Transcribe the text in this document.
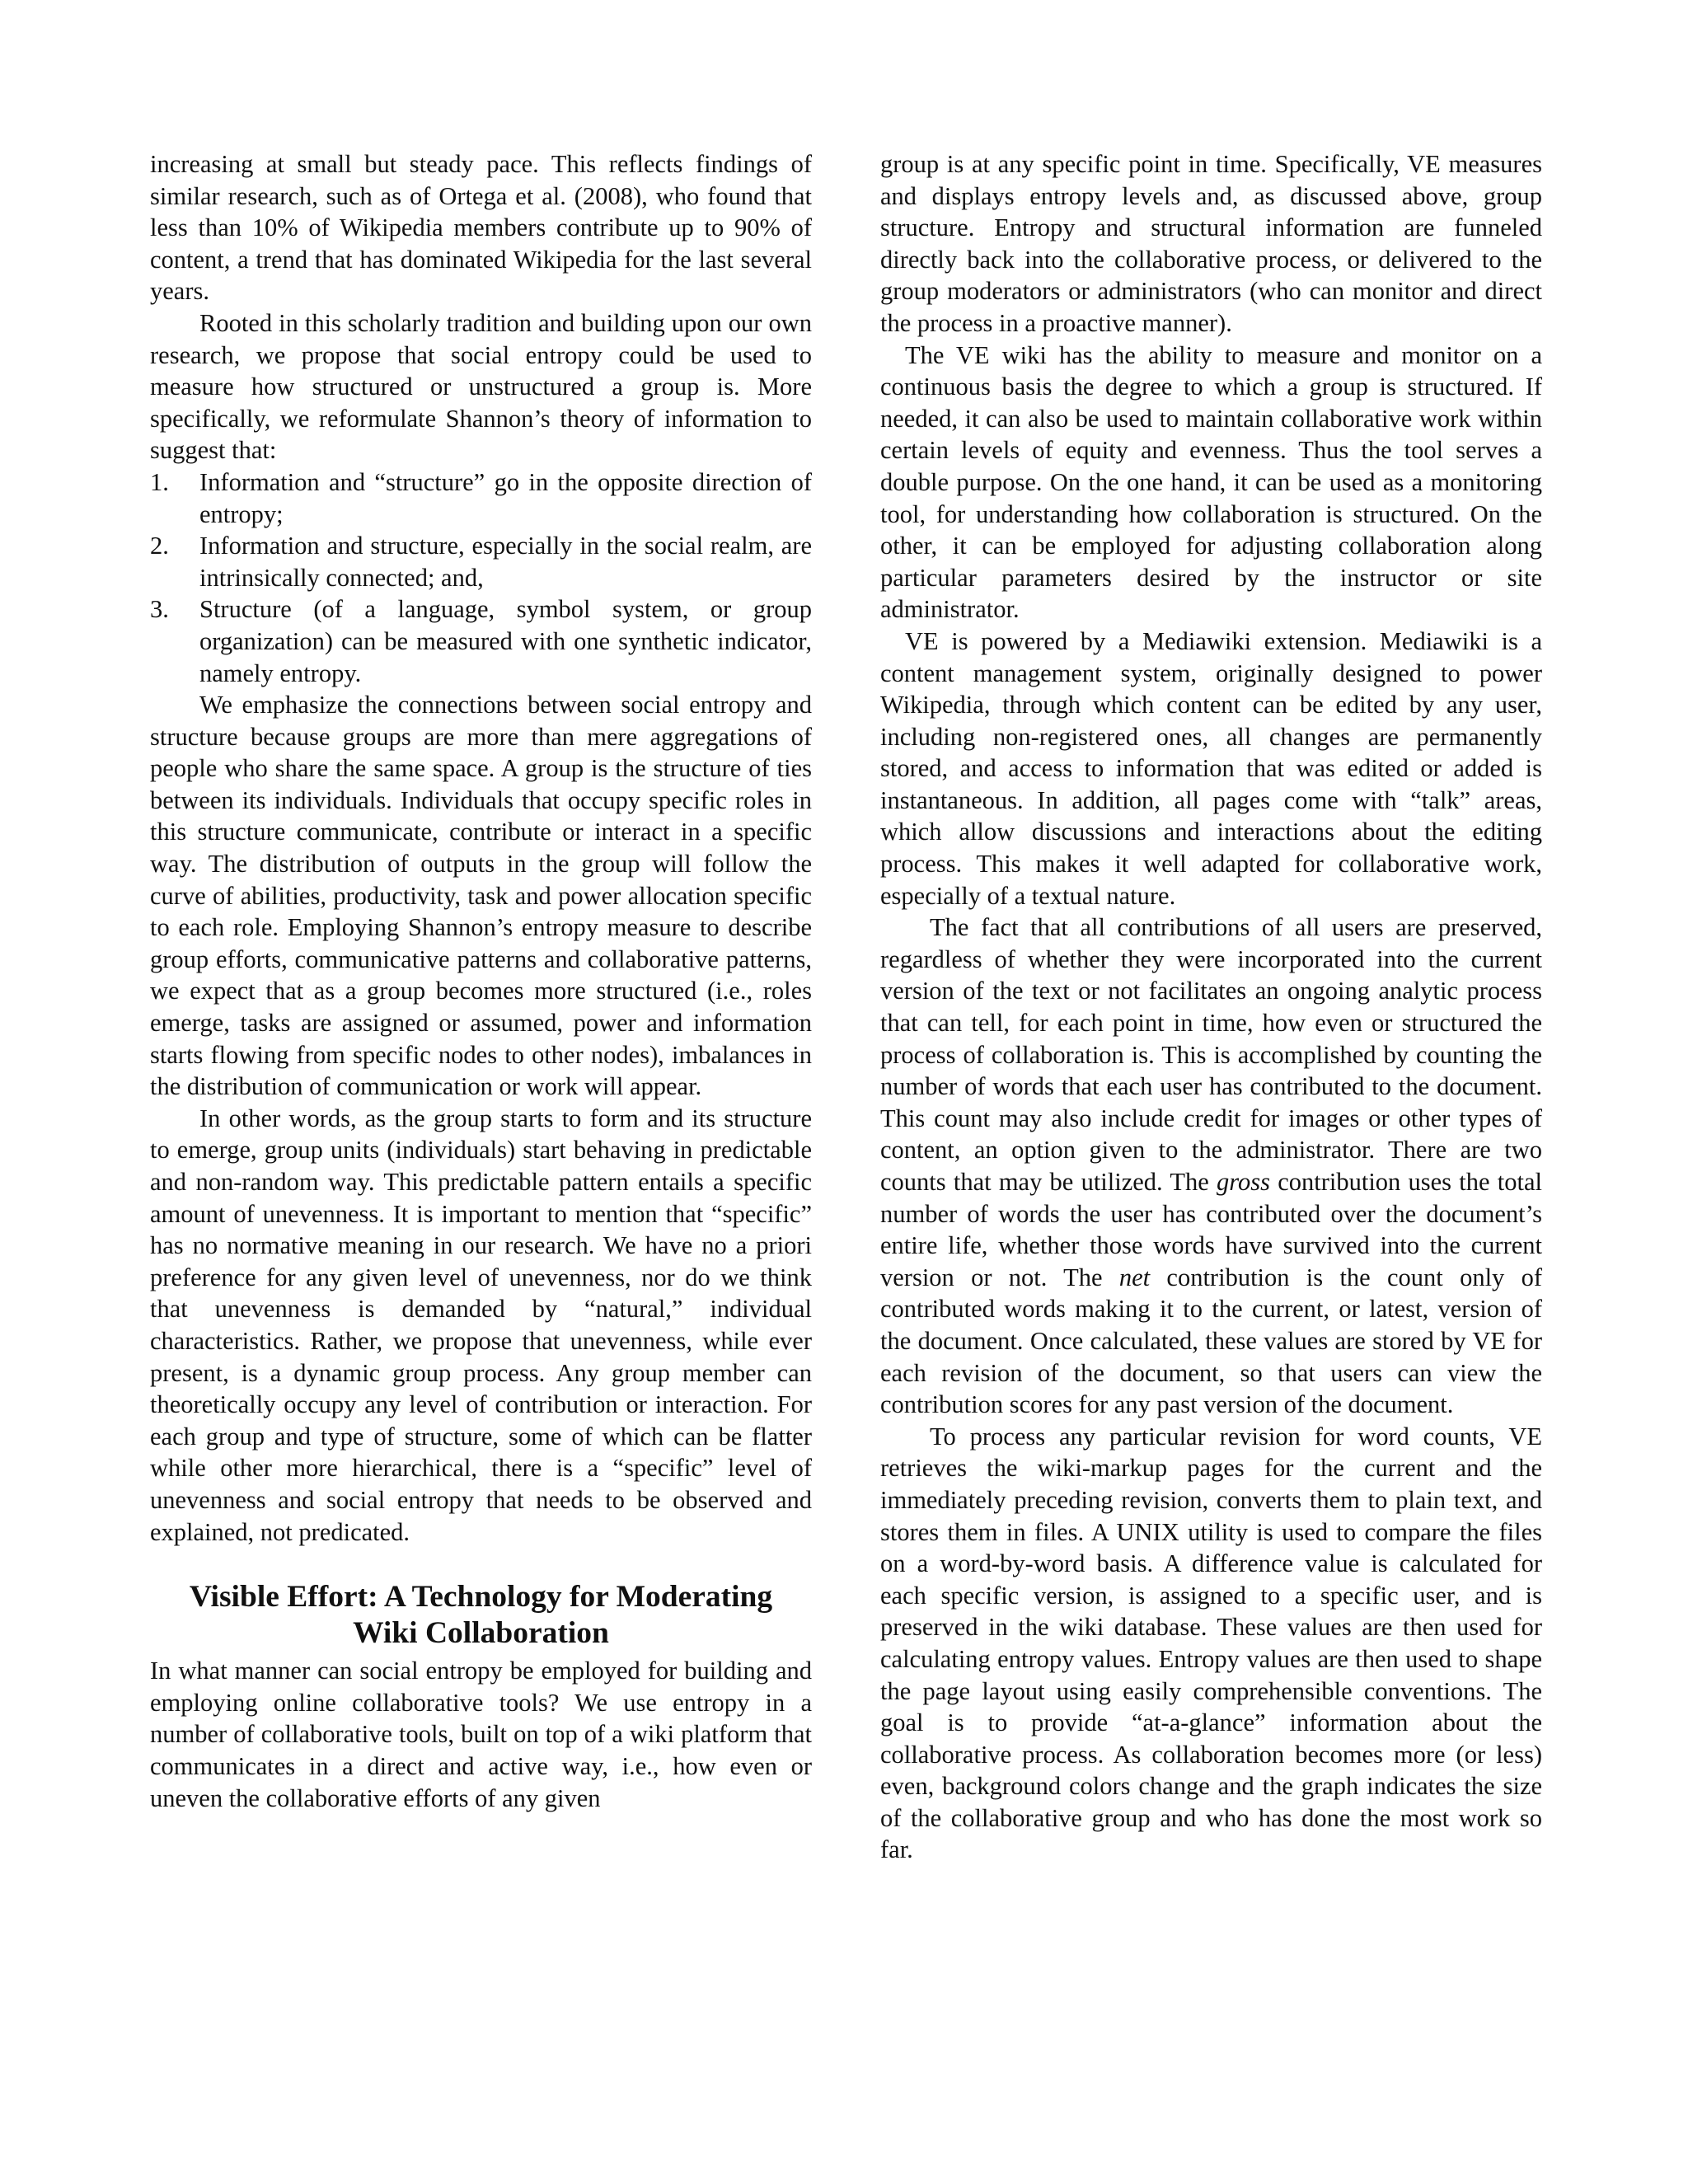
increasing at small but steady pace. This reflects findings of similar research, such as of Ortega et al. (2008), who found that less than 10% of Wikipedia members contribute up to 90% of content, a trend that has dominated Wikipedia for the last several years.

Rooted in this scholarly tradition and building upon our own research, we propose that social entropy could be used to measure how structured or unstructured a group is. More specifically, we reformulate Shannon’s theory of information to suggest that:

1. Information and “structure” go in the opposite direction of entropy;
2. Information and structure, especially in the social realm, are intrinsically connected; and,
3. Structure (of a language, symbol system, or group organization) can be measured with one synthetic indicator, namely entropy.

We emphasize the connections between social entropy and structure because groups are more than mere aggregations of people who share the same space. A group is the structure of ties between its individuals. Individuals that occupy specific roles in this structure communicate, contribute or interact in a specific way. The distribution of outputs in the group will follow the curve of abilities, productivity, task and power allocation specific to each role. Employing Shannon’s entropy measure to describe group efforts, communicative patterns and collaborative patterns, we expect that as a group becomes more structured (i.e., roles emerge, tasks are assigned or assumed, power and information starts flowing from specific nodes to other nodes), imbalances in the distribution of communication or work will appear.

In other words, as the group starts to form and its structure to emerge, group units (individuals) start behaving in predictable and non-random way. This predictable pattern entails a specific amount of unevenness. It is important to mention that “specific” has no normative meaning in our research. We have no a priori preference for any given level of unevenness, nor do we think that unevenness is demanded by “natural,” individual characteristics. Rather, we propose that unevenness, while ever present, is a dynamic group process. Any group member can theoretically occupy any level of contribution or interaction. For each group and type of structure, some of which can be flatter while other more hierarchical, there is a “specific” level of unevenness and social entropy that needs to be observed and explained, not predicated.

Visible Effort: A Technology for Moderating
Wiki Collaboration

In what manner can social entropy be employed for building and employing online collaborative tools? We use entropy in a number of collaborative tools, built on top of a wiki platform that communicates in a direct and active way, i.e., how even or uneven the collaborative efforts of any given

group is at any specific point in time. Specifically, VE measures and displays entropy levels and, as discussed above, group structure. Entropy and structural information are funneled directly back into the collaborative process, or delivered to the group moderators or administrators (who can monitor and direct the process in a proactive manner).

The VE wiki has the ability to measure and monitor on a continuous basis the degree to which a group is structured. If needed, it can also be used to maintain collaborative work within certain levels of equity and evenness. Thus the tool serves a double purpose. On the one hand, it can be used as a monitoring tool, for understanding how collaboration is structured. On the other, it can be employed for adjusting collaboration along particular parameters desired by the instructor or site administrator.

VE is powered by a Mediawiki extension. Mediawiki is a content management system, originally designed to power Wikipedia, through which content can be edited by any user, including non-registered ones, all changes are permanently stored, and access to information that was edited or added is instantaneous. In addition, all pages come with “talk” areas, which allow discussions and interactions about the editing process. This makes it well adapted for collaborative work, especially of a textual nature.

The fact that all contributions of all users are preserved, regardless of whether they were incorporated into the current version of the text or not facilitates an ongoing analytic process that can tell, for each point in time, how even or structured the process of collaboration is. This is accomplished by counting the number of words that each user has contributed to the document. This count may also include credit for images or other types of content, an option given to the administrator. There are two counts that may be utilized. The gross contribution uses the total number of words the user has contributed over the document’s entire life, whether those words have survived into the current version or not. The net contribution is the count only of contributed words making it to the current, or latest, version of the document. Once calculated, these values are stored by VE for each revision of the document, so that users can view the contribution scores for any past version of the document.

To process any particular revision for word counts, VE retrieves the wiki-markup pages for the current and the immediately preceding revision, converts them to plain text, and stores them in files. A UNIX utility is used to compare the files on a word-by-word basis. A difference value is calculated for each specific version, is assigned to a specific user, and is preserved in the wiki database. These values are then used for calculating entropy values. Entropy values are then used to shape the page layout using easily comprehensible conventions. The goal is to provide “at-a-glance” information about the collaborative process. As collaboration becomes more (or less) even, background colors change and the graph indicates the size of the collaborative group and who has done the most work so far.
